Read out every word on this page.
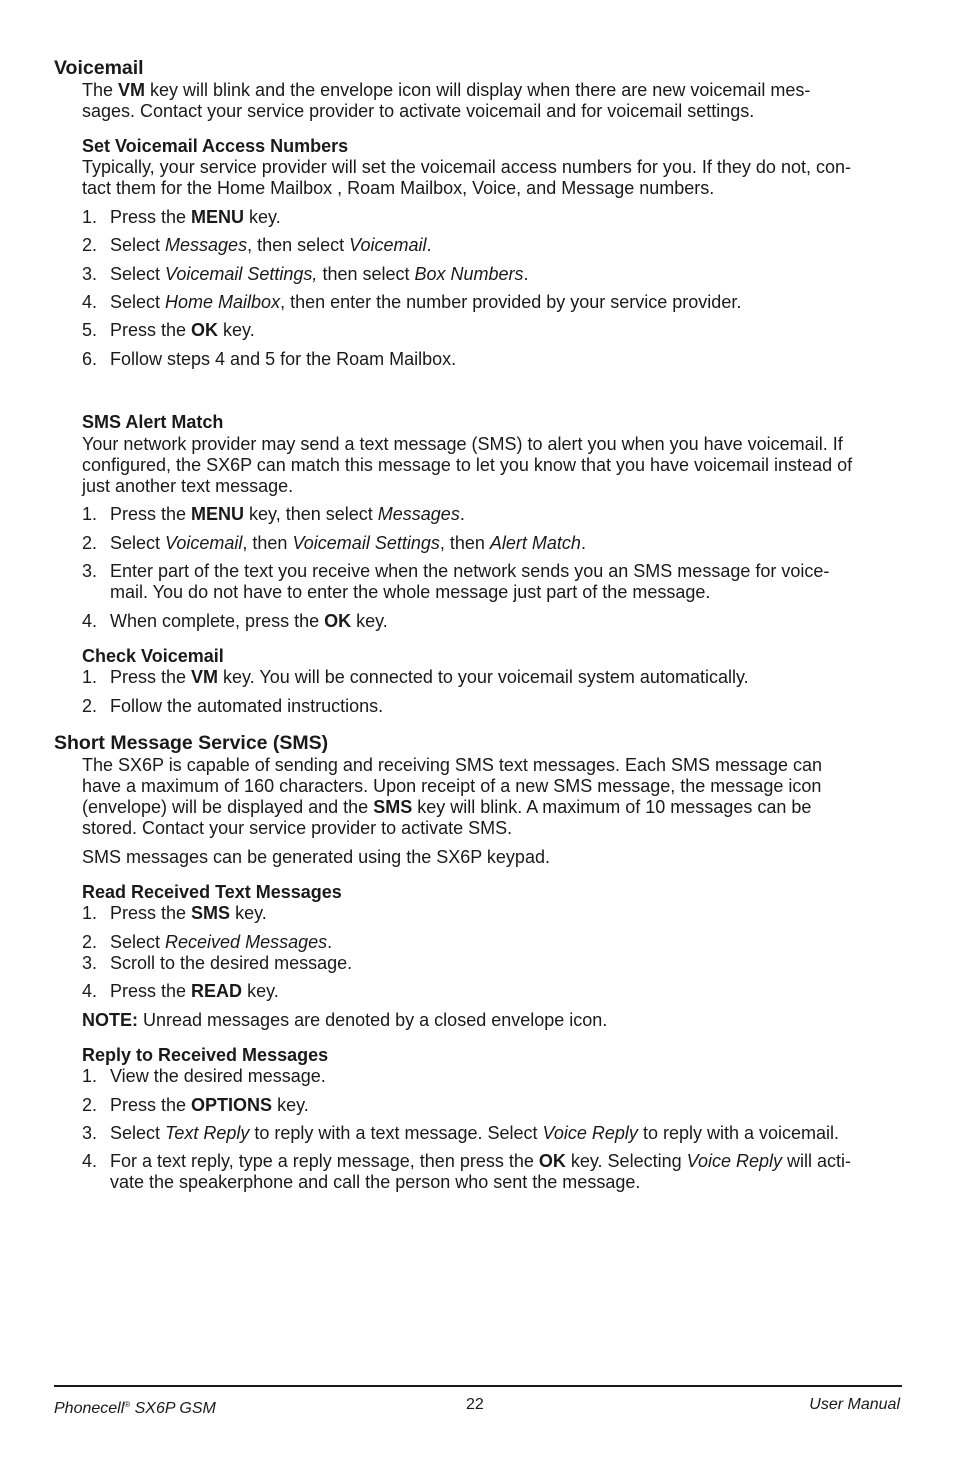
Voicemail

The VM key will blink and the envelope icon will display when there are new voicemail mes-
sages. Contact your service provider to activate voicemail and for voicemail settings.

Set Voicemail Access Numbers

Typically, your service provider will set the voicemail access numbers for you. If they do not, con-
tact them for the Home Mailbox , Roam Mailbox, Voice, and Message numbers.

1. Press the MENU key.
2. Select Messages, then select Voicemail.
3. Select Voicemail Settings, then select Box Numbers.
4. Select Home Mailbox, then enter the number provided by your service provider.
5. Press the OK key.
6. Follow steps 4 and 5 for the Roam Mailbox.
SMS Alert Match

Your network provider may send a text message (SMS) to alert you when you have voicemail. If
configured, the SX6P can match this message to let you know that you have voicemail instead of
just another text message.

1. Press the MENU key, then select Messages.
2. Select Voicemail, then Voicemail Settings, then Alert Match.
3. Enter part of the text you receive when the network sends you an SMS message for voice-
mail. You do not have to enter the whole message just part of the message.
4. When complete, press the OK key.
Check Voicemail
1. Press the VM key. You will be connected to your voicemail system automatically.
2. Follow the automated instructions.
Short Message Service (SMS)

The SX6P is capable of sending and receiving SMS text messages. Each SMS message can
have a maximum of 160 characters. Upon receipt of a new SMS message, the message icon
(envelope) will be displayed and the SMS key will blink. A maximum of 10 messages can be
stored. Contact your service provider to activate SMS.

SMS messages can be generated using the SX6P keypad.

Read Received Text Messages
1. Press the SMS key.
2. Select Received Messages.
3. Scroll to the desired message.
4. Press the READ key.

NOTE: Unread messages are denoted by a closed envelope icon.

Reply to Received Messages
1. View the desired message.
2. Press the OPTIONS key.
3. Select Text Reply to reply with a text message. Select Voice Reply to reply with a voicemail.
4. For a text reply, type a reply message, then press the OK key. Selecting Voice Reply will acti-
vate the speakerphone and call the person who sent the message.
Phonecell® SX6P GSM	22	User Manual
